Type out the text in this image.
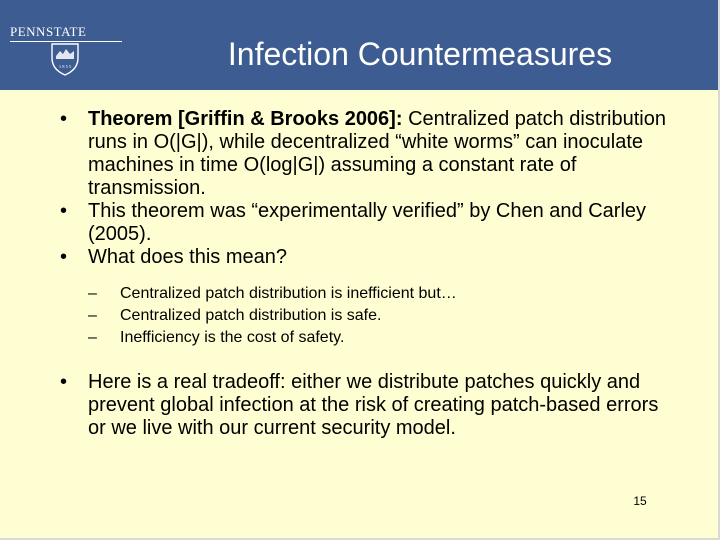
PENNSTATE
1 8 5 5	Infection Countermeasures

• Theorem [Griffin & Brooks 2006]: Centralized patch distribution runs in O(|G|), while decentralized “white worms” can inoculate machines in time O(log|G|) assuming a constant rate of transmission.

• This theorem was “experimentally verified” by Chen and Carley (2005).

• What does this mean?

– Centralized patch distribution is inefficient but…

– Centralized patch distribution is safe.

– Inefficiency is the cost of safety.

• Here is a real tradeoff: either we distribute patches quickly and prevent global infection at the risk of creating patch-based errors or we live with our current security model.

15
